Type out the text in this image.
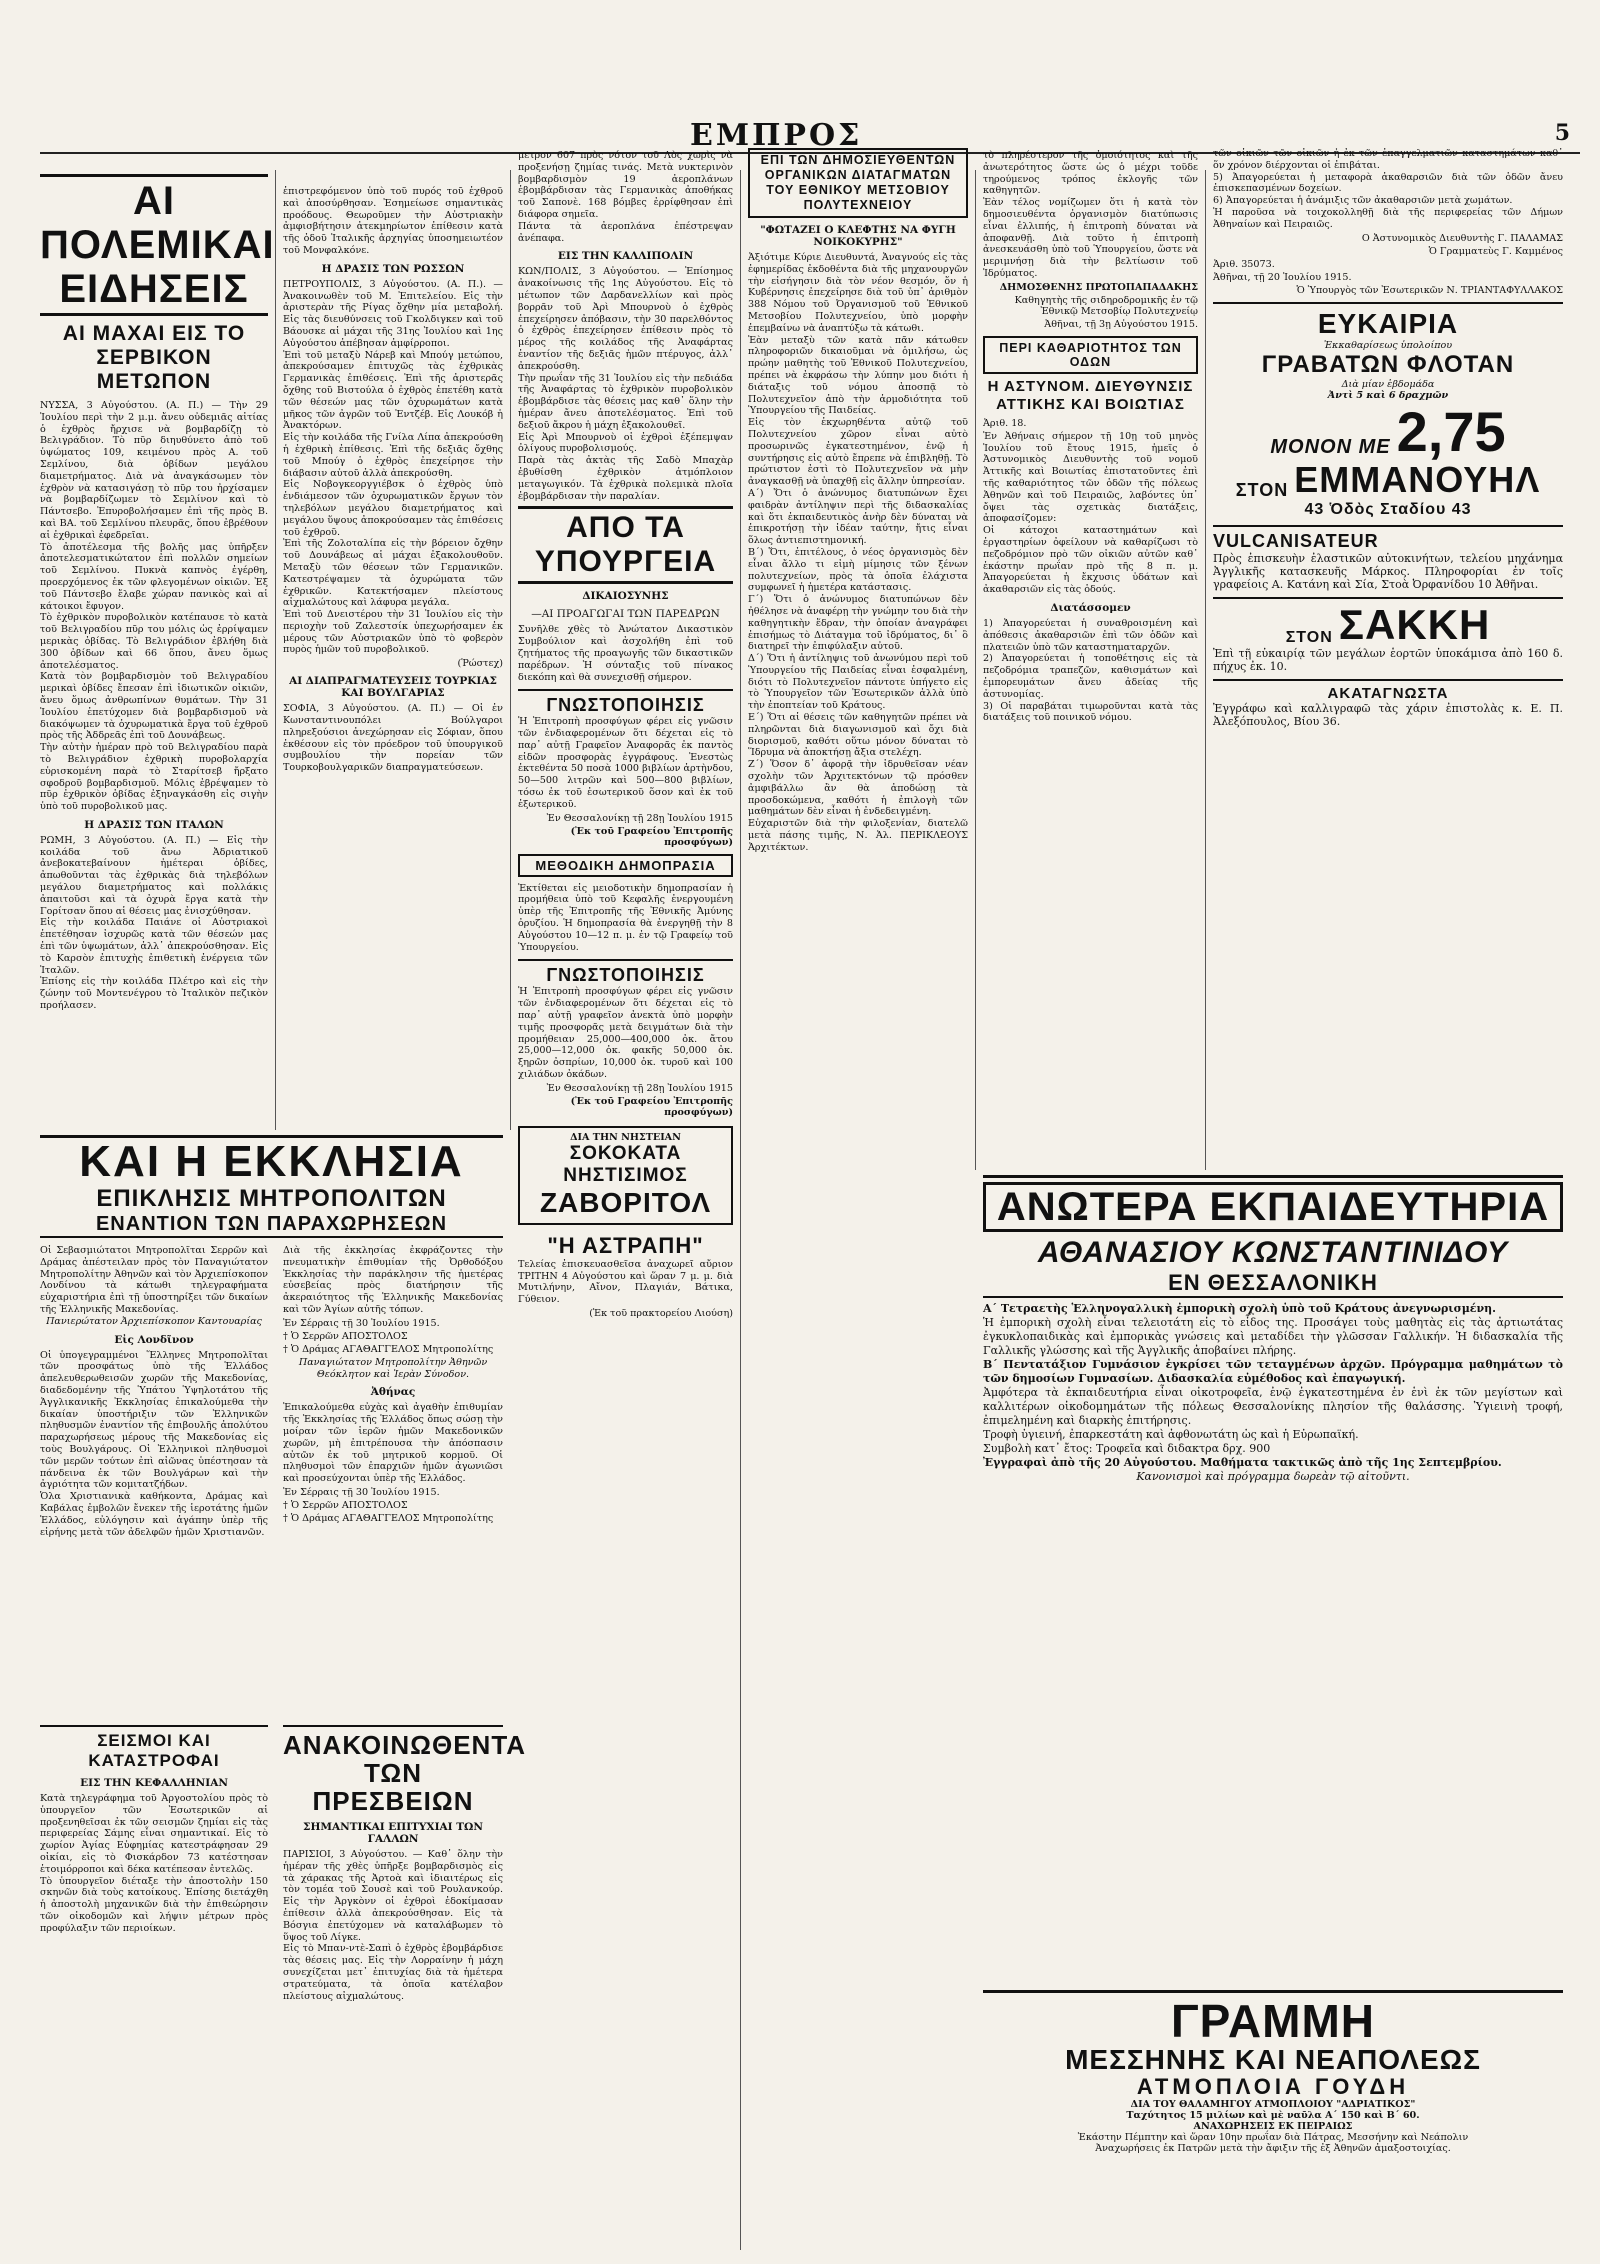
ΕΜΠΡΟΣ	5
ΑΙ ΠΟΛΕΜΙΚΑΙ ΕΙΔΗΣΕΙΣ
ΑΙ ΜΑΧΑΙ ΕΙΣ ΤΟ ΣΕΡΒΙΚΟΝ ΜΕΤΩΠΟΝ

ΝΥΣΣΑ, 3 Αὐγούστου. (Α. Π.) — Τὴν 29 Ἰουλίου περὶ τὴν 2 μ.μ. ἄνευ οὐδεμιᾶς αἰτίας ὁ ἐχθρὸς ἤρχισε νὰ βομβαρδίζῃ τὸ Βελιγράδιον. Τὸ πῦρ διηυθύνετο ἀπὸ τοῦ ὑψώματος 109, κειμένου πρὸς Α. τοῦ Σεμλίνου, διὰ ὁβίδων μεγάλου διαμετρήματος. Διὰ νὰ ἀναγκάσωμεν τὸν ἐχθρὸν νὰ κατασιγάσῃ τὸ πῦρ του ἠρχίσαμεν νὰ βομβαρδίζωμεν τὸ Σεμλίνον καὶ τὸ Πάντσεβο. Ἐπυροβολήσαμεν ἐπὶ τῆς πρὸς Β. καὶ ΒΑ. τοῦ Σεμλίνου πλευρᾶς, ὅπου ἐβρέθουν αἱ ἐχθρικαὶ ἐφεδρεῖαι.

Τὸ ἀποτέλεσμα τῆς βολῆς μας ὑπῆρξεν ἀποτελεσματικώτατον ἐπὶ πολλῶν σημείων τοῦ Σεμλίνου. Πυκνὰ καπνὸς ἐγέρθη, προερχόμενος ἐκ τῶν φλεγομένων οἰκιῶν. Ἐξ τοῦ Πάντσεβο ἔλαβε χώραν πανικὸς καὶ αἱ κάτοικοι ἔφυγον.

Τὸ ἐχθρικὸν πυροβολικὸν κατέπαυσε τὸ κατὰ τοῦ Βελιγραδίου πῦρ του μόλις ὡς ἐρρίψαμεν μερικὰς ὁβίδας. Τὸ Βελιγράδιον ἐβλήθη διὰ 300 ὀβίδων καὶ 66 ὅπου, ἄνευ ὅμως ἀποτελέσματος.

Κατὰ τὸν βομβαρδισμὸν τοῦ Βελιγραδίου μερικαὶ ὁβίδες ἔπεσαν ἐπὶ ἰδιωτικῶν οἰκιῶν, ἄνευ ὅμως ἀνθρωπίνων θυμάτων. Τὴν 31 Ἰουλίου ἐπετύχομεν διὰ βομβαρδισμοῦ νὰ διακόψωμεν τὰ ὀχυρωματικὰ ἔργα τοῦ ἐχθροῦ πρὸς τῆς Ἀδδρεᾶς ἐπὶ τοῦ Δουνάβεως.

Τὴν αὐτὴν ἡμέραν πρὸ τοῦ Βελιγραδίου παρὰ τὸ Βελιγράδιον ἐχθρικὴ πυροβολαρχία εὑρισκομένη παρὰ τὸ Σταρίτσεβ ἤρξατο σφοδροῦ βομβαρδισμοῦ. Μόλις ἐβρέψαμεν τὸ πῦρ ἐχθρικὸν ὁβίδας ἐξηναγκάσθη εἰς σιγὴν ὑπὸ τοῦ πυροβολικοῦ μας.

Η ΔΡΑΣΙΣ ΤΩΝ ΙΤΑΛΩΝ

ΡΩΜΗ, 3 Αὐγούστου. (Α. Π.) — Εἰς τὴν κοιλάδα τοῦ ἄνω Ἀδριατικοῦ ἀνεβοκατεβαίνουν ἡμέτεραι ὀβίδες, ἀπωθοῦνται τὰς ἐχθρικὰς διὰ τηλεβόλων μεγάλου διαμετρήματος καὶ πολλάκις ἀπαιτοῦσι καὶ τὰ ὀχυρὰ ἔργα κατὰ τὴν Γορίτσαν ὅπου αἱ θέσεις μας ἐνισχύθησαν.

Εἰς τὴν κοιλάδα Παιάνε οἱ Αὐστριακοὶ ἐπετέθησαν ἰσχυρῶς κατὰ τῶν θέσεών μας ἐπὶ τῶν ὑψωμάτων, ἀλλ᾽ ἀπεκρούσθησαν. Εἰς τὸ Καρσὸν ἐπιτυχὴς ἐπιθετικὴ ἐνέργεια τῶν Ἰταλῶν.

Ἐπίσης εἰς τὴν κοιλάδα Πλέτρο καὶ εἰς τὴν ζώνην τοῦ Μοντενέγρου τὸ Ἰταλικὸν πεζικὸν προήλασεν.

ἐπιστρεφόμενον ὑπὸ τοῦ πυρός τοῦ ἐχθροῦ καὶ ἀποσύρθησαν. Ἐσημείωσε σημαντικὰς προόδους. Θεωροῦμεν τὴν Αὐστριακὴν ἀμφισβήτησιν ἀτεκμηρίωτον ἐπίθεσιν κατὰ τῆς ὁδοῦ Ἰταλικῆς ἀρχηγίας ὑποσημειωτέον τοῦ Μονφαλκόνε.

Η ΔΡΑΣΙΣ ΤΩΝ ΡΩΣΣΩΝ

ΠΕΤΡΟΥΠΟΛΙΣ, 3 Αὐγούστου. (Α. Π.). — Ἀνακοινωθὲν τοῦ Μ. Ἐπιτελείου. Εἰς τὴν ἀριστερὰν τῆς Ρίγας ὄχθην μία μεταβολή. Εἰς τὰς διευθύνσεις τοῦ Γκολδιγκεν καὶ τοῦ Βάουσκε αἱ μάχαι τῆς 31ης Ἰουλίου καὶ 1ης Αὐγούστου ἀπέβησαν ἀμφίρροποι.

Ἐπὶ τοῦ μεταξὺ Νάρεβ καὶ Μπούγ μετώπου, ἀπεκρούσαμεν ἐπιτυχῶς τὰς ἐχθρικὰς Γερμανικὰς ἐπιθέσεις. Ἐπὶ τῆς ἀριστερᾶς ὄχθης τοῦ Βιστούλα ὁ ἐχθρὸς ἐπετέθη κατὰ τῶν θέσεών μας τῶν ὀχυρωμάτων κατὰ μῆκος τῶν ἀγρῶν τοῦ Ἐντζέβ. Εἰς Λουκόβ ἡ Ἀνακτόρων.

Εἰς τὴν κοιλάδα τῆς Γνίλα Λίπα ἀπεκρούσθη ἡ ἐχθρικὴ ἐπίθεσις. Ἐπὶ τῆς δεξιᾶς ὄχθης τοῦ Μπούγ ὁ ἐχθρὸς ἐπεχείρησε τὴν διάβασιν αὐτοῦ ἀλλὰ ἀπεκρούσθη.

Εἰς Νοβογκεοργγιέβσκ ὁ ἐχθρὸς ὑπὸ ἐνδιάμεσον τῶν ὀχυρωματικῶν ἔργων τὸν τηλεβόλων μεγάλου διαμετρήματος καὶ μεγάλου ὕψους ἀποκρούσαμεν τὰς ἐπιθέσεις τοῦ ἐχθροῦ.

Ἐπὶ τῆς Ζολοταλίπα εἰς τὴν βόρειον ὄχθην τοῦ Δουνάβεως αἱ μάχαι ἐξακολουθοῦν. Μεταξὺ τῶν θέσεων τῶν Γερμανικῶν. Κατεστρέψαμεν τὰ ὀχυρώματα τῶν ἐχθρικῶν. Κατεκτήσαμεν πλείστους αἰχμαλώτους καὶ λάφυρα μεγάλα.

Ἐπὶ τοῦ Δνειστέρου τὴν 31 Ἰουλίου εἰς τὴν περιοχὴν τοῦ Ζαλεστσίκ ὑπεχωρήσαμεν ἐκ μέρους τῶν Αὐστριακῶν ὑπὸ τὸ φοβερὸν πυρὸς ἡμῶν τοῦ πυροβολικοῦ.

(Ῥώστεχ)
ΑΙ ΔΙΑΠΡΑΓΜΑΤΕΥΣΕΙΣ ΤΟΥΡΚΙΑΣ ΚΑΙ ΒΟΥΛΓΑΡΙΑΣ

ΣΟΦΙΑ, 3 Αὐγούστου. (Α. Π.) — Οἱ ἐν Κωνσταντινουπόλει Βούλγαροι πληρεξούσιοι ἀνεχώρησαν εἰς Σόφιαν, ὅπου ἐκθέσουν εἰς τὸν πρόεδρον τοῦ ὑπουργικοῦ συμβουλίου τὴν πορείαν τῶν Τουρκοβουλγαρικῶν διαπραγματεύσεων.

ΚΑΙ Η ΕΚΚΛΗΣΙΑ
ΕΠΙΚΛΗΣΙΣ ΜΗΤΡΟΠΟΛΙΤΩΝ
ΕΝΑΝΤΙΟΝ ΤΩΝ ΠΑΡΑΧΩΡΗΣΕΩΝ

Οἱ Σεβασμιώτατοι Μητροπολῖται Σερρῶν καὶ Δράμας ἀπέστειλαν πρὸς τὸν Παναγιώτατον Μητροπολίτην Ἀθηνῶν καὶ τὸν Ἀρχιεπίσκοπον Λονδίνου τὰ κάτωθι τηλεγραφήματα εὐχαριστήρια ἐπὶ τῇ ὑποστηρίξει τῶν δικαίων τῆς Ἑλληνικῆς Μακεδονίας.

Πανιερώτατον Ἀρχιεπίσκοπον Καντουαρίας

Εἰς Λονδῖνον

Οἱ ὑπογεγραμμένοι Ἕλληνες Μητροπολῖται τῶν προσφάτως ὑπὸ τῆς Ἑλλάδος ἀπελευθερωθεισῶν χωρῶν τῆς Μακεδονίας, διαδεδομένην τῆς Ὑπάτου Ὑψηλοτάτου τῆς Ἀγγλικανικῆς Ἐκκλησίας ἐπικαλούμεθα τὴν δικαίαν ὑποστήριξιν τῶν Ἑλληνικῶν πληθυσμῶν ἐναντίον τῆς ἐπιβουλῆς ἀπολύτου παραχωρήσεως μέρους τῆς Μακεδονίας εἰς τοὺς Βουλγάρους. Οἱ Ἑλληνικοὶ πληθυσμοὶ τῶν μερῶν τούτων ἐπὶ αἰῶνας ὑπέστησαν τὰ πάνδεινα ἐκ τῶν Βουλγάρων καὶ τὴν ἀγριότητα τῶν κομιτατζήδων.

Ὁλα Χριστιανικὰ καθήκοντα, Δράμας καὶ Καβάλας ἐμβολῶν ἔνεκεν τῆς ἱεροτάτης ἡμῶν Ἑλλάδος, εὐλόγησιν καὶ ἀγάπην ὑπὲρ τῆς εἰρήνης μετὰ τῶν ἀδελφῶν ἡμῶν Χριστιανῶν.

Διὰ τῆς ἐκκλησίας ἐκφράζοντες τὴν πνευματικὴν ἐπιθυμίαν τῆς Ὀρθοδόξου Ἐκκλησίας τὴν παράκλησιν τῆς ἡμετέρας εὐσεβείας πρὸς διατήρησιν τῆς ἀκεραιότητος τῆς Ἑλληνικῆς Μακεδονίας καὶ τῶν Ἁγίων αὐτῆς τόπων.

Ἐν Σέρραις τῇ 30 Ἰουλίου 1915.
† Ὁ Σερρῶν ΑΠΟΣΤΟΛΟΣ
† Ὁ Δράμας ΑΓΑΘΑΓΓΕΛΟΣ Μητροπολίτης

Παναγιώτατον Μητροπολίτην Ἀθηνῶν Θεόκλητον καὶ Ἱερὰν Σύνοδον.

Ἀθήνας

Ἐπικαλούμεθα εὐχὰς καὶ ἀγαθὴν ἐπιθυμίαν τῆς Ἐκκλησίας τῆς Ἑλλάδος ὅπως σώσῃ τὴν μοίραν τῶν ἱερῶν ἡμῶν Μακεδονικῶν χωρῶν, μὴ ἐπιτρέπουσα τὴν ἀπόσπασιν αὐτῶν ἐκ τοῦ μητρικοῦ κορμοῦ. Οἱ πληθυσμοὶ τῶν ἐπαρχιῶν ἡμῶν ἀγωνιῶσι καὶ προσεύχονται ὑπὲρ τῆς Ἑλλάδος.

Ἐν Σέρραις τῇ 30 Ἰουλίου 1915.
† Ὁ Σερρῶν ΑΠΟΣΤΟΛΟΣ
† Ὁ Δράμας ΑΓΑΘΑΓΓΕΛΟΣ Μητροπολίτης
ΣΕΙΣΜΟΙ ΚΑΙ ΚΑΤΑΣΤΡΟΦΑΙ
ΕΙΣ ΤΗΝ ΚΕΦΑΛΛΗΝΙΑΝ

Κατὰ τηλεγράφημα τοῦ Ἀργοστολίου πρὸς τὸ ὑπουργεῖον τῶν Ἐσωτερικῶν αἱ προξενηθεῖσαι ἐκ τῶν σεισμῶν ζημίαι εἰς τὰς περιφερείας Σάμης εἶναι σημαντικαί. Εἰς τὸ χωρίον Ἀγίας Εὐφημίας κατεστράφησαν 29 οἰκίαι, εἰς τὸ Φισκάρδον 73 κατέστησαν ἑτοιμόρροποι καὶ δέκα κατέπεσαν ἐντελῶς.

Τὸ ὑπουργεῖον διέταξε τὴν ἀποστολὴν 150 σκηνῶν διὰ τοὺς κατοίκους. Ἐπίσης διετάχθη ἡ ἀποστολὴ μηχανικῶν διὰ τὴν ἐπιθεώρησιν τῶν οἰκοδομῶν καὶ λήψιν μέτρων πρὸς προφύλαξιν τῶν περιοίκων.

ΑΝΑΚΟΙΝΩΘΕΝΤΑ ΤΩΝ ΠΡΕΣΒΕΙΩΝ
ΣΗΜΑΝΤΙΚΑΙ ΕΠΙΤΥΧΙΑΙ ΤΩΝ ΓΑΛΛΩΝ

ΠΑΡΙΣΙΟΙ, 3 Αὐγούστου. — Καθ᾽ ὅλην τὴν ἡμέραν τῆς χθὲς ὑπῆρξε βομβαρδισμὸς εἰς τὰ χάρακας τῆς Ἀρτοὰ καὶ ἰδιαιτέρως εἰς τὸν τομέα τοῦ Σουσὲ καὶ τοῦ Ρουλανκούρ. Εἰς τὴν Ἀργκὸνν οἱ ἐχθροὶ ἐδοκίμασαν ἐπίθεσιν ἀλλὰ ἀπεκρούσθησαν. Εἰς τὰ Βόσγια ἐπετύχομεν νὰ καταλάβωμεν τὸ ὕψος τοῦ Λίγκε.

Εἰς τὸ Μπαν-ντὲ-Σαπὶ ὁ ἐχθρὸς ἐβομβάρδισε τὰς θέσεις μας. Εἰς τὴν Λορραίνην ἡ μάχη συνεχίζεται μετ᾽ ἐπιτυχίας διὰ τὰ ἡμέτερα στρατεύματα, τὰ ὁποῖα κατέλαβον πλείστους αἰχμαλώτους.

μετρον 607 πρὸς νότον τοῦ Λὸς χωρὶς νὰ προξενήσῃ ζημίας τινάς. Μετὰ νυκτερινὸν βομβαρδισμὸν 19 ἀεροπλάνων ἐβομβάρδισαν τὰς Γερμανικὰς ἀποθήκας τοῦ Σαπονὲ. 168 βόμβες ἐρρίφθησαν ἐπὶ διάφορα σημεῖα.

Πάντα τὰ ἀεροπλάνα ἐπέστρεψαν ἀνέπαφα.

ΕΙΣ ΤΗΝ ΚΑΛΛΙΠΟΛΙΝ

ΚΩΝ/ΠΟΛΙΣ, 3 Αὐγούστου. — Ἐπίσημος ἀνακοίνωσις τῆς 1ης Αὐγούστου. Εἰς τὸ μέτωπον τῶν Δαρδανελλίων καὶ πρὸς βορρᾶν τοῦ Ἀρὶ Μπουρνοὺ ὁ ἐχθρὸς ἐπεχείρησεν ἀπόβασιν, τὴν 30 παρελθόντος ὁ ἐχθρὸς ἐπεχείρησεν ἐπίθεσιν πρὸς τὸ μέρος τῆς κοιλάδος τῆς Ἀναφάρτας ἐναντίον τῆς δεξιᾶς ἡμῶν πτέρυγος, ἀλλ᾽ ἀπεκρούσθη.

Τὴν πρωΐαν τῆς 31 Ἰουλίου εἰς τὴν πεδιάδα τῆς Ἀναφάρτας τὸ ἐχθρικὸν πυροβολικὸν ἐβομβάρδισε τὰς θέσεις μας καθ᾽ ὅλην τὴν ἡμέραν ἄνευ ἀποτελέσματος. Ἐπὶ τοῦ δεξιοῦ ἄκρου ἡ μάχη ἐξακολουθεῖ.

Εἰς Ἀρὶ Μπουρνοὺ οἱ ἐχθροὶ ἐξέπεμψαν ὀλίγους πυροβολισμούς.

Παρὰ τὰς ἀκτὰς τῆς Σαδὸ Μπαχὰρ ἐβυθίσθη ἐχθρικὸν ἀτμόπλοιον μεταγωγικόν. Τὰ ἐχθρικὰ πολεμικὰ πλοῖα ἐβομβάρδισαν τὴν παραλίαν.

ΑΠΟ ΤΑ ΥΠΟΥΡΓΕΙΑ
ΔΙΚΑΙΟΣΥΝΗΣ
—ΑΙ ΠΡΟΑΓΩΓΑΙ ΤΩΝ ΠΑΡΕΔΡΩΝ

Συνῆλθε χθὲς τὸ Ἀνώτατον Δικαστικὸν Συμβούλιον καὶ ἀσχολήθη ἐπὶ τοῦ ζητήματος τῆς προαγωγῆς τῶν δικαστικῶν παρέδρων. Ἡ σύνταξις τοῦ πίνακος διεκόπη καὶ θὰ συνεχισθῇ σήμερον.

ΓΝΩΣΤΟΠΟΙΗΣΙΣ

Ἡ Ἐπιτροπὴ προσφύγων φέρει εἰς γνῶσιν τῶν ἐνδιαφερομένων ὅτι δέχεται εἰς τὸ παρ᾽ αὐτῇ Γραφεῖον Ἀναφορᾶς ἐκ παντὸς εἰδῶν προσφορὰς ἐγγράφους. Ἐνεστὼς ἐκτεθέντα 50 ποσὰ 1000 βιβλίων ἀρτὴνδου, 50—500 λιτρῶν καὶ 500—800 βιβλίων, τόσω ἐκ τοῦ ἐσωτερικοῦ ὅσον καὶ ἐκ τοῦ ἐξωτερικοῦ.

Ἐν Θεσσαλονίκῃ τῇ 28ῃ Ἰουλίου 1915
(Ἐκ τοῦ Γραφείου Ἐπιτροπῆς προσφύγων)
ΜΕΘΟΔΙΚΗ ΔΗΜΟΠΡΑΣΙΑ

Ἐκτίθεται εἰς μειοδοτικὴν δημοπρασίαν ἡ προμήθεια ὑπὸ τοῦ Κεφαλῆς ἐνεργουμένη ὑπὲρ τῆς Ἐπιτροπῆς τῆς Ἐθνικῆς Ἀμύνης ὀρυζίου. Ἡ δημοπρασία θὰ ἐνεργηθῇ τὴν 8 Αὐγούστου 10—12 π. μ. ἐν τῷ Γραφείῳ τοῦ Ὑπουργείου.

ΓΝΩΣΤΟΠΟΙΗΣΙΣ

Ἡ Ἐπιτροπὴ προσφύγων φέρει εἰς γνῶσιν τῶν ἐνδιαφερομένων ὅτι δέχεται εἰς τὸ παρ᾽ αὐτῇ γραφεῖον ἀνεκτὰ ὑπὸ μορφὴν τιμῆς προσφορᾶς μετὰ δειγμάτων διὰ τὴν προμήθειαν 25,000—400,000 ὀκ. ἄτου 25,000—12,000 ὀκ. φακῆς 50,000 ὀκ. ξηρῶν ὀσπρίων, 10,000 ὀκ. τυροῦ καὶ 100 χιλιάδων ὀκάδων.

Ἐν Θεσσαλονίκῃ τῇ 28ῃ Ἰουλίου 1915
(Ἐκ τοῦ Γραφείου Ἐπιτροπῆς προσφύγων)
ΔΙΑ ΤΗΝ ΝΗΣΤΕΙΑΝ
ΣΟΚΟΚΑΤΑ ΝΗΣΤΙΣΙΜΟΣ
ΖΑΒΟΡΙΤΟΛ
"Η ΑΣΤΡΑΠΗ"

Τελείας ἐπισκευασθεῖσα ἀναχωρεῖ αὔριον ΤΡΙΤΗΝ 4 Αὐγούστου καὶ ὥραν 7 μ. μ. διὰ Μυτιλήνην, Αἴνον, Πλαγιάν, Βάτικα, Γύθειον.

(Ἐκ τοῦ πρακτορείου Λιούση)
ΕΠΙ ΤΩΝ ΔΗΜΟΣΙΕΥΘΕΝΤΩΝ ΟΡΓΑΝΙΚΩΝ ΔΙΑΤΑΓΜΑΤΩΝ ΤΟΥ ΕΘΝΙΚΟΥ ΜΕΤΣΟΒΙΟΥ ΠΟΛΥΤΕΧΝΕΙΟΥ
"ΦΩΤΑΖΕΙ Ο ΚΛΕΦΤΗΣ ΝΑ ΦΥΓΗ ΝΟΙΚΟΚΥΡΗΣ"

Ἀξιότιμε Κύριε Διευθυντά, Ἀναγνούς εἰς τὰς ἐφημερίδας ἐκδοθέντα διὰ τῆς μηχανουργῶν τὴν εἰσήγησιν διὰ τὸν νέον θεσμόν, ὅν ἡ Κυβέρνησις ἐπεχείρησε διὰ τοῦ ὑπ᾽ ἀριθμὸν 388 Νόμου τοῦ Ὀργανισμοῦ τοῦ Ἐθνικοῦ Μετσοβίου Πολυτεχνείου, ὑπὸ μορφὴν ἐπεμβαίνω νὰ ἀναπτύξω τὰ κάτωθι.

Ἐὰν μεταξὺ τῶν κατὰ πᾶν κάτωθεν πληροφοριῶν δικαιοῦμαι νὰ ὁμιλήσω, ὡς πρώην μαθητὴς τοῦ Ἐθνικοῦ Πολυτεχνείου, πρέπει νὰ ἐκφράσω τὴν λύπην μου διότι ἡ διάταξις τοῦ νόμου ἀποσπᾷ τὸ Πολυτεχνεῖον ἀπὸ τὴν ἁρμοδιότητα τοῦ Ὑπουργείου τῆς Παιδείας.

Εἰς τὸν ἐκχωρηθέντα αὐτῷ τοῦ Πολυτεχνείου χῶρον εἶναι αὐτὸ προσωρινῶς ἐγκατεστημένον, ἐνῷ ἡ συντήρησις εἰς αὐτὸ ἔπρεπε νὰ ἐπιβληθῇ. Τὸ πρώτιστον ἐστὶ τὸ Πολυτεχνεῖον νὰ μὴν ἀναγκασθῇ νὰ ὑπαχθῇ εἰς ἄλλην ὑπηρεσίαν.

Α΄) Ὅτι ὁ ἀνώνυμος διατυπώνων ἔχει φαιδρὰν ἀντίληψιν περὶ τῆς διδασκαλίας καὶ ὅτι ἐκπαιδευτικὸς ἀνὴρ δὲν δύναται νὰ ἐπικροτήσῃ τὴν ἰδέαν ταύτην, ἤτις εἶναι ὅλως ἀντιεπιστημονική.

Β΄) Ὅτι, ἐπιτέλους, ὁ νέος ὀργανισμὸς δὲν εἶναι ἄλλο τι εἰμὴ μίμησις τῶν ξένων πολυτεχνείων, πρὸς τὰ ὁποῖα ἐλάχιστα συμφωνεῖ ἡ ἡμετέρα κατάστασις.

Γ΄) Ὅτι ὁ ἀνώνυμος διατυπώνων δὲν ἠθέλησε νὰ ἀναφέρῃ τὴν γνώμην του διὰ τὴν καθηγητικὴν ἕδραν, τὴν ὁποίαν ἀναγράφει ἐπισήμως τὸ Διάταγμα τοῦ ἰδρύματος, δι᾽ ὃ διατηρεῖ τὴν ἐπιφύλαξιν αὐτοῦ.

Δ΄) Ὅτι ἡ ἀντίληψις τοῦ ἀνωνύμου περὶ τοῦ Ὑπουργείου τῆς Παιδείας εἶναι ἐσφαλμένη, διότι τὸ Πολυτεχνεῖον πάντοτε ὑπήγετο εἰς τὸ Ὑπουργεῖον τῶν Ἐσωτερικῶν ἀλλὰ ὑπὸ τὴν ἐποπτείαν τοῦ Κράτους.

Ε΄) Ὅτι αἱ θέσεις τῶν καθηγητῶν πρέπει νὰ πληρῶνται διὰ διαγωνισμοῦ καὶ ὄχι διὰ διορισμοῦ, καθότι οὕτω μόνον δύναται τὸ Ἵδρυμα νὰ ἀποκτήσῃ ἄξια στελέχη.

Ζ΄) Ὅσον δ᾽ ἀφορᾷ τὴν ἱδρυθεῖσαν νέαν σχολὴν τῶν Ἀρχιτεκτόνων τῷ πρόσθεν ἀμφιβάλλω ἂν θὰ ἀποδώσῃ τὰ προσδοκώμενα, καθότι ἡ ἐπιλογὴ τῶν μαθημάτων δὲν εἶναι ἡ ἐνδεδειγμένη.

Εὐχαριστῶν διὰ τὴν φιλοξενίαν, διατελῶ μετὰ πάσης τιμῆς, Ν. Ἀλ. ΠΕΡΙΚΛΕΟΥΣ Ἀρχιτέκτων.

τὸ πληρέστερον τῆς ὁμοιότητος καὶ τῆς ἀνωτερότητος ὥστε ὡς ὁ μέχρι τοῦδε τηρούμενος τρόπος ἐκλογῆς τῶν καθηγητῶν.

Ἐὰν τέλος νομίζωμεν ὅτι ἡ κατὰ τὸν δημοσιευθέντα ὀργανισμὸν διατύπωσις εἶναι ἐλλιπής, ἡ ἐπιτροπὴ δύναται νὰ ἀποφανθῇ. Διὰ τοῦτο ἡ ἐπιτροπὴ ἀνεσκευάσθη ὑπὸ τοῦ Ὑπουργείου, ὥστε νὰ μεριμνήσῃ διὰ τὴν βελτίωσιν τοῦ Ἱδρύματος.

ΔΗΜΟΣΘΕΝΗΣ ΠΡΩΤΟΠΑΠΑΔΑΚΗΣ
Καθηγητὴς τῆς σιδηροδρομικῆς ἐν τῷ Ἐθνικῷ Μετσοβίῳ Πολυτεχνείῳ
Ἀθῆναι, τῇ 3ῃ Αὐγούστου 1915.
ΠΕΡΙ ΚΑΘΑΡΙΟΤΗΤΟΣ ΤΩΝ ΟΔΩΝ
Η ΑΣΤΥΝΟΜ. ΔΙΕΥΘΥΝΣΙΣ ΑΤΤΙΚΗΣ ΚΑΙ ΒΟΙΩΤΙΑΣ
Ἀριθ. 18.

Ἐν Ἀθήναις σήμερον τῇ 10ῃ τοῦ μηνὸς Ἰουλίου τοῦ ἔτους 1915, ἡμεῖς ὁ Ἀστυνομικὸς Διευθυντὴς τοῦ νομοῦ Ἀττικῆς καὶ Βοιωτίας ἐπιστατοῦντες ἐπὶ τῆς καθαριότητος τῶν ὁδῶν τῆς πόλεως Ἀθηνῶν καὶ τοῦ Πειραιῶς, λαβόντες ὑπ᾽ ὄψει τὰς σχετικὰς διατάξεις, ἀποφασίζομεν:

Οἱ κάτοχοι καταστημάτων καὶ ἐργαστηρίων ὀφείλουν νὰ καθαρίζωσι τὸ πεζοδρόμιον πρὸ τῶν οἰκιῶν αὐτῶν καθ᾽ ἑκάστην πρωΐαν πρὸ τῆς 8 π. μ. Ἀπαγορεύεται ἡ ἔκχυσις ὑδάτων καὶ ἀκαθαρσιῶν εἰς τὰς ὁδούς.

Διατάσσομεν

1) Ἀπαγορεύεται ἡ συναθροισμένη καὶ ἀπόθεσις ἀκαθαρσιῶν ἐπὶ τῶν ὁδῶν καὶ πλατειῶν ὑπὸ τῶν καταστηματαρχῶν.

2) Ἀπαγορεύεται ἡ τοποθέτησις εἰς τὰ πεζοδρόμια τραπεζῶν, καθισμάτων καὶ ἐμπορευμάτων ἄνευ ἀδείας τῆς ἀστυνομίας.

3) Οἱ παραβάται τιμωροῦνται κατὰ τὰς διατάξεις τοῦ ποινικοῦ νόμου.

τῶν οἰκιῶν τῶν οἰκιῶν ἡ ἐκ τῶν ἐπαγγελματιῶν καταστημάτων καθ᾽ ὅν χρόνον διέρχονται οἱ ἐπιβάται.

5) Ἀπαγορεύεται ἡ μεταφορὰ ἀκαθαρσιῶν διὰ τῶν ὁδῶν ἄνευ ἐπισκεπασμένων δοχείων.

6) Ἀπαγορεύεται ἡ ἀνάμιξις τῶν ἀκαθαρσιῶν μετὰ χωμάτων.

Ἡ παροῦσα νὰ τοιχοκολληθῇ διὰ τῆς περιφερείας τῶν Δήμων Ἀθηναίων καὶ Πειραιῶς.

Ο Ἀστυνομικὸς Διευθυντὴς Γ. ΠΑΛΑΜΑΣ
Ὁ Γραμματεὺς Γ. Καμμένος
Ἀριθ. 35073.
Ἀθῆναι, τῇ 20 Ἰουλίου 1915.
Ὁ Ὑπουργὸς τῶν Ἐσωτερικῶν Ν. ΤΡΙΑΝΤΑΦΥΛΛΑΚΟΣ
ΕΥΚΑΙΡΙΑ
Ἐκκαθαρίσεως ὑπολοίπου
ΓΡΑΒΑΤΩΝ ΦΛΟΤΑΝ
Διὰ μίαν ἑβδομάδα
Ἀντὶ 5 καὶ 6 δραχμῶν
ΜΟΝΟΝ ΜΕ 2,75
ΣΤΟΝ ΕΜΜΑΝΟΥΗΛ
43 Ὁδὸς Σταδίου 43
VULCANISATEUR

Πρὸς ἐπισκευὴν ἐλαστικῶν αὐτοκινήτων, τελείου μηχάνημα Ἀγγλικῆς κατασκευῆς Μάρκος. Πληροφορίαι ἐν τοῖς γραφείοις Α. Κατάνη καὶ Σία, Στοὰ Ὀρφανίδου 10 Ἀθῆναι.

ΣΤΟΝ ΣΑΚΚΗ

Ἐπὶ τῇ εὐκαιρίᾳ τῶν μεγάλων ἑορτῶν ὑποκάμισα ἀπὸ 160 δ. πήχυς ἐκ. 10.

ΑΚΑΤΑΓΝΩΣΤΑ

Ἐγγράφω καὶ καλλιγραφῶ τὰς χάριν ἐπιστολὰς κ. Ε. Π. Ἀλεξόπουλος, Βίου 36.

ΑΝΩΤΕΡΑ ΕΚΠΑΙΔΕΥΤΗΡΙΑ
ΑΘΑΝΑΣΙΟΥ ΚΩΝΣΤΑΝΤΙΝΙΔΟΥ
ΕΝ ΘΕΣΣΑΛΟΝΙΚΗ

Α΄ Τετραετὴς Ἑλληνογαλλικὴ ἐμπορικὴ σχολὴ ὑπὸ τοῦ Κράτους ἀνεγνωρισμένη.

Ἡ ἐμπορικὴ σχολὴ εἶναι τελειοτάτη εἰς τὸ εἶδος της. Προσάγει τοὺς μαθητὰς εἰς τὰς ἀρτιωτάτας ἐγκυκλοπαιδικὰς καὶ ἐμπορικὰς γνώσεις καὶ μεταδίδει τὴν γλῶσσαν Γαλλικήν. Ἡ διδασκαλία τῆς Γαλλικῆς γλώσσης καὶ τῆς Ἀγγλικῆς ἀποβαίνει πλήρης.

Β΄ Πεντατάξιον Γυμνάσιον ἐγκρίσει τῶν τεταγμένων ἀρχῶν. Πρόγραμμα μαθημάτων τὸ τῶν δημοσίων Γυμνασίων. Διδασκαλία εὐμέθοδος καὶ ἐπαγωγική.

Ἀμφότερα τὰ ἐκπαιδευτήρια εἶναι οἰκοτροφεῖα, ἐνῷ ἐγκατεστημένα ἐν ἑνὶ ἐκ τῶν μεγίστων καὶ καλλιτέρων οἰκοδομημάτων τῆς πόλεως Θεσσαλονίκης πλησίον τῆς θαλάσσης. Ὑγιεινὴ τροφή, ἐπιμελημένη καὶ διαρκὴς ἐπιτήρησις.

Τροφὴ ὑγιεινή, ἐπαρκεστάτη καὶ ἀφθονωτάτη ὡς καὶ ἡ Εὐρωπαϊκή.

Συμβολὴ κατ᾽ ἔτος: Τροφεῖα καὶ διδακτρα δρχ. 900

Ἐγγραφαὶ ἀπὸ τῆς 20 Αὐγούστου. Μαθήματα τακτικῶς ἀπὸ τῆς 1ης Σεπτεμβρίου.

Κανονισμοὶ καὶ πρόγραμμα δωρεὰν τῷ αἰτοῦντι.

ΓΡΑΜΜΗ
ΜΕΣΣΗΝΗΣ ΚΑΙ ΝΕΑΠΟΛΕΩΣ
ΑΤΜΟΠΛΟΙΑ ΓΟΥΔΗ
ΔΙΑ ΤΟΥ ΘΑΛΑΜΗΓΟΥ ΑΤΜΟΠΛΟΙΟΥ "ΑΔΡΙΑΤΙΚΟΣ"
Ταχύτητος 15 μιλίων καὶ μὲ ναῦλα Α΄ 150 καὶ Β΄ 60.
ΑΝΑΧΩΡΗΣΕΙΣ ΕΚ ΠΕΙΡΑΙΩΣ
Ἑκάστην Πέμπτην καὶ ὥραν 10ην πρωΐαν διὰ Πάτρας, Μεσσήνην καὶ Νεάπολιν
Ἀναχωρήσεις ἐκ Πατρῶν μετὰ τὴν ἄφιξιν τῆς ἐξ Ἀθηνῶν ἀμαξοστοιχίας.
